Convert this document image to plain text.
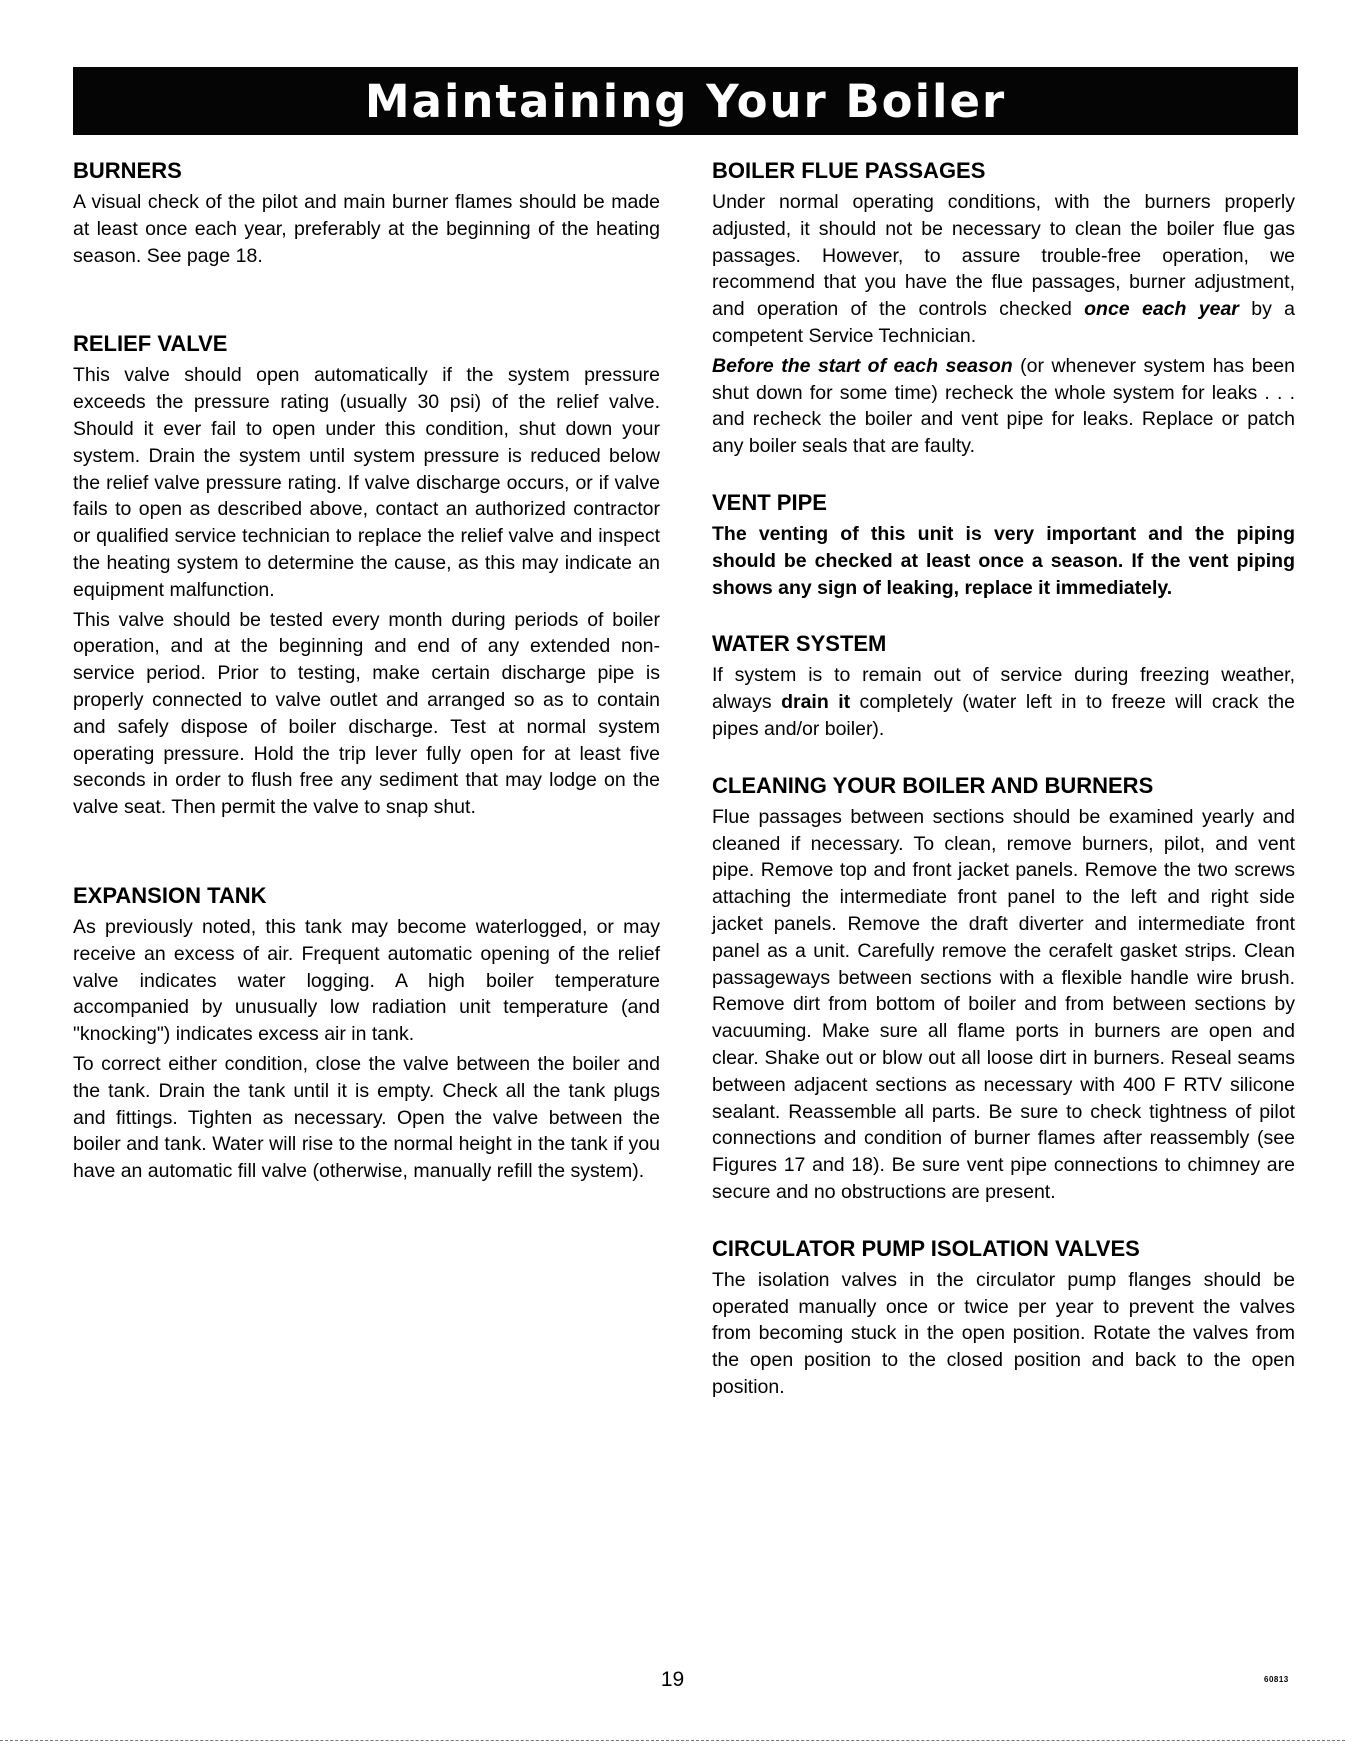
Maintaining Your Boiler
BURNERS

A visual check of the pilot and main burner flames should be made at least once each year, preferably at the beginning of the heating season. See page 18.

RELIEF VALVE

This valve should open automatically if the system pressure exceeds the pressure rating (usually 30 psi) of the relief valve. Should it ever fail to open under this condition, shut down your system. Drain the system until system pressure is reduced below the relief valve pressure rating. If valve discharge occurs, or if valve fails to open as described above, contact an authorized contractor or qualified service technician to replace the relief valve and inspect the heating system to determine the cause, as this may indicate an equipment malfunction.

This valve should be tested every month during periods of boiler operation, and at the beginning and end of any extended non-service period. Prior to testing, make certain discharge pipe is properly connected to valve outlet and arranged so as to contain and safely dispose of boiler discharge. Test at normal system operating pressure. Hold the trip lever fully open for at least five seconds in order to flush free any sediment that may lodge on the valve seat. Then permit the valve to snap shut.

EXPANSION TANK

As previously noted, this tank may become waterlogged, or may receive an excess of air. Frequent automatic opening of the relief valve indicates water logging. A high boiler temperature accompanied by unusually low radiation unit temperature (and "knocking") indicates excess air in tank.

To correct either condition, close the valve between the boiler and the tank. Drain the tank until it is empty. Check all the tank plugs and fittings. Tighten as necessary. Open the valve between the boiler and tank. Water will rise to the normal height in the tank if you have an automatic fill valve (otherwise, manually refill the system).

BOILER FLUE PASSAGES

Under normal operating conditions, with the burners properly adjusted, it should not be necessary to clean the boiler flue gas passages. However, to assure trouble-free operation, we recommend that you have the flue passages, burner adjustment, and operation of the controls checked once each year by a competent Service Technician.

Before the start of each season (or whenever system has been shut down for some time) recheck the whole system for leaks . . . and recheck the boiler and vent pipe for leaks. Replace or patch any boiler seals that are faulty.

VENT PIPE

The venting of this unit is very important and the piping should be checked at least once a season. If the vent piping shows any sign of leaking, replace it immediately.

WATER SYSTEM

If system is to remain out of service during freezing weather, always drain it completely (water left in to freeze will crack the pipes and/or boiler).

CLEANING YOUR BOILER AND BURNERS

Flue passages between sections should be examined yearly and cleaned if necessary. To clean, remove burners, pilot, and vent pipe. Remove top and front jacket panels. Remove the two screws attaching the intermediate front panel to the left and right side jacket panels. Remove the draft diverter and intermediate front panel as a unit. Carefully remove the cerafelt gasket strips. Clean passageways between sections with a flexible handle wire brush. Remove dirt from bottom of boiler and from between sections by vacuuming. Make sure all flame ports in burners are open and clear. Shake out or blow out all loose dirt in burners. Reseal seams between adjacent sections as necessary with 400 F RTV silicone sealant. Reassemble all parts. Be sure to check tightness of pilot connections and condition of burner flames after reassembly (see Figures 17 and 18). Be sure vent pipe connections to chimney are secure and no obstructions are present.

CIRCULATOR PUMP ISOLATION VALVES

The isolation valves in the circulator pump flanges should be operated manually once or twice per year to prevent the valves from becoming stuck in the open position. Rotate the valves from the open position to the closed position and back to the open position.

19	60813
